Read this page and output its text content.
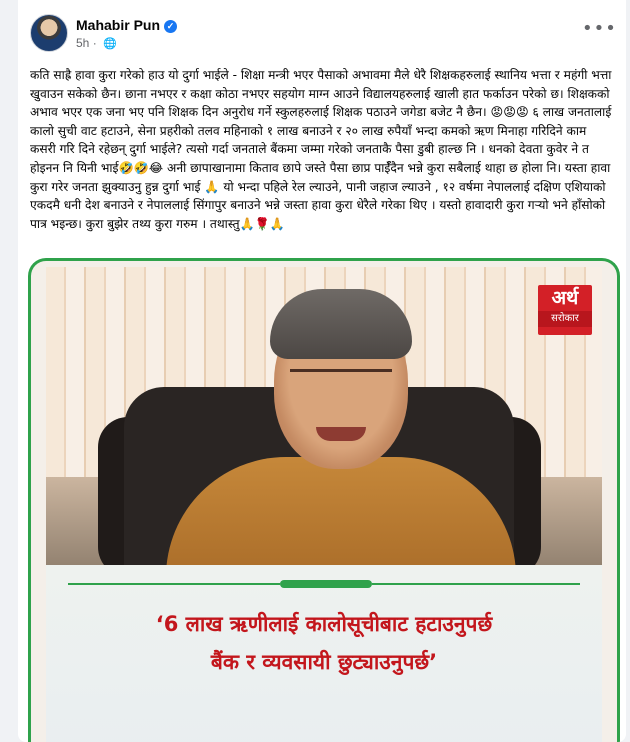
Mahabir Pun ✓
5h · 🌐
•••
कति साह्रै हावा कुरा गरेको हाउ यो दुर्गा भाईले - शिक्षा मन्त्री भएर पैसाको अभावमा मैले धेरै शिक्षकहरुलाई स्थानिय भत्ता र महंगी भत्ता खुवाउन सकेको छैन। छाना नभएर र कक्षा कोठा नभएर सहयोग माग्न आउने विद्यालयहरुलाई खाली हात फर्काउन परेको छ। शिक्षकको अभाव भएर एक जना भए पनि शिक्षक दिन अनुरोध गर्ने स्कुलहरुलाई शिक्षक पठाउने जगेडा बजेट नै छैन। 😡😡😡 ६ लाख जनतालाई कालो सुची वाट हटाउने, सेना प्रहरीको तलव महिनाको १ लाख बनाउने र २० लाख रुपैयाँ भन्दा कमको ऋण मिनाहा गरिदिने काम कसरी गरि दिने रहेछन् दुर्गा भाईले? त्यसो गर्दा जनताले बैंकमा जम्मा गरेको जनताकै पैसा डुबी हाल्छ नि । धनको देवता कुवेर ने त होइनन नि यिनी भाई🤣🤣😂 अनी छापाखानामा किताव छापे जस्ते पैसा छाप्र पाईँदैन भन्ने कुरा सबैलाई थाहा छ होला नि। यस्ता हावा कुरा गरेर जनता झुक्याउनु हुन्न दुर्गा भाई 🙏 यो भन्दा पहिले रेल ल्याउने, पानी जहाज ल्याउने , १२ वर्षमा नेपाललाई दक्षिण एशियाको एकदमै धनी देश बनाउने र नेपाललाई सिंगापुर बनाउने भन्ने जस्ता हावा कुरा धेरैले गरेका थिए । यस्तो हावादारी कुरा गऱ्यो भने हाँसोको पात्र भइन्छ। कुरा बुझेर तथ्य कुरा गरुम । तथास्तु🙏🌹🙏
अर्थ
सरोकार
‘6 लाख ऋणीलाई कालोसूचीबाट हटाउनुपर्छ
बैंक र व्यवसायी छुट्याउनुपर्छ’
